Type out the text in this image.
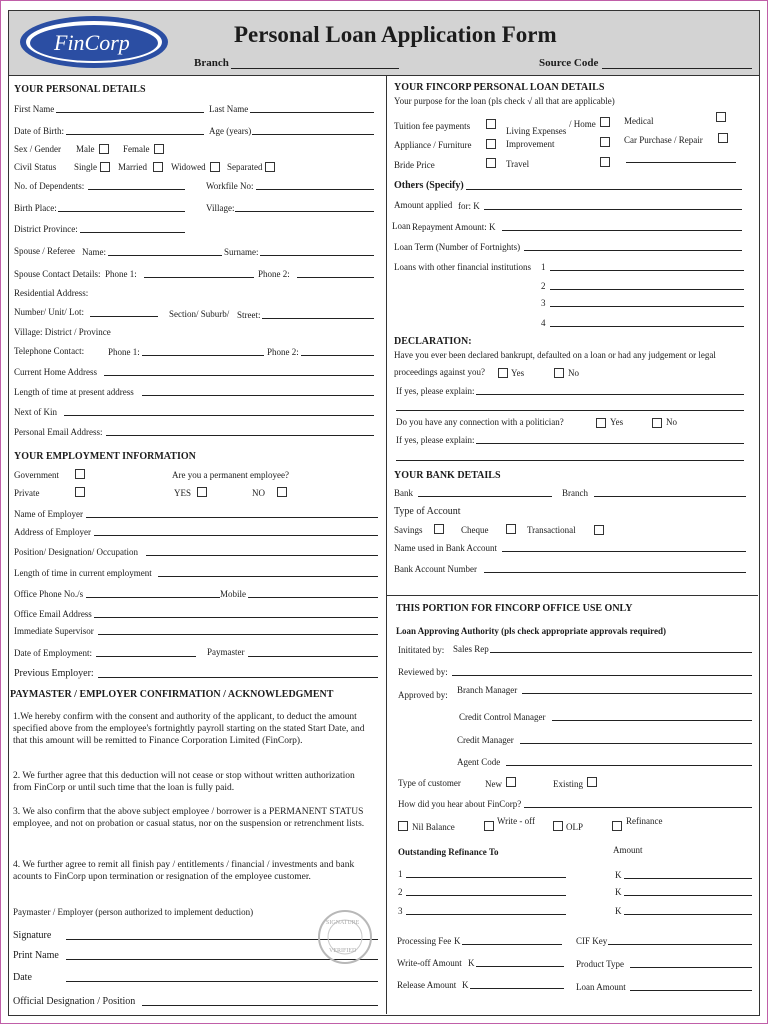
FinCorp	Personal Loan Application Form
Branch	Source Code
YOUR PERSONAL DETAILS
First Name	Last Name
Date of Birth:	Age (years)
Sex / Gender Male	Female
Civil Status Single Married	Widowed Separated
No. of Dependents:	Workfile No:
Birth Place:	Village:
District Province:
Spouse / Referee Name:	Surname:
Spouse Contact Details: Phone 1:	Phone 2:
Residential Address:
Number/ Unit/ Lot:	Section/ Suburb/ Street:
Village: District / Province
Telephone Contact:	Phone 1:	Phone 2:
Current Home Address
Length of time at present address
Next of Kin
Personal Email Address:
YOUR EMPLOYMENT INFORMATION
Government
Private
Are you a permanent employee?
YES	NO
Name of Employer
Address of Employer
Position/ Designation/ Occupation
Length of time in current employment
Office Phone No./s	Mobile
Office Email Address
Immediate Supervisor
Date of Employment:	Paymaster
Previous Employer:
PAYMASTER / EMPLOYER CONFIRMATION / ACKNOWLEDGMENT
1.We hereby confirm with the consent and authority of the applicant, to deduct the amount specified above from the employee's fortnightly payroll starting on the stated Start Date, and that this amount will be remitted to Finance Corporation Limited (FinCorp).
2. We further agree that this deduction will not cease or stop without written authorization from FinCorp or until such time that the loan is fully paid.
3. We also confirm that the above subject employee / borrower is a PERMANENT STATUS employee, and not on probation or casual status, nor on the suspension or retrenchment lists.
4. We further agree to remit all finish pay / entitlements / financial / investments and bank acounts to FinCorp upon termination or resignation of the employee customer.
Paymaster / Employer (person authorized to implement deduction)
Signature
Print Name
Date
Official Designation / Position
SIGNATURE
VERIFIED
YOUR FINCORP PERSONAL LOAN DETAILS
Your purpose for the loan (pls check √ all that are applicable)
Tuition fee payments	Living Expenses
/ Home	Medical
Appliance / Furniture	Improvement	Car Purchase / Repair
Bride Price	Travel
Others (Specify)
Amount applied for: K
Loan Repayment Amount: K
Loan Term (Number of Fortnights)
Loans with other financial institutions 1
2
3
4
DECLARATION:
Have you ever been declared bankrupt, defaulted on a loan or had any judgement or legal
proceedings against you?	Yes	No
If yes, please explain:
Do you have any connection with a politician?	Yes	No
If yes, please explain:
YOUR BANK DETAILS
Bank	Branch
Type of Account
Savings	Cheque	Transactional
Name used in Bank Account
Bank Account Number
THIS PORTION FOR FINCORP OFFICE USE ONLY
Loan Approving Authority (pls check appropriate approvals required)
Inititated by: Sales Rep
Reviewed by:
Approved by: Branch Manager
Credit Control Manager
Credit Manager
Agent Code
Type of customer	New	Existing
How did you hear about FinCorp?
Nil Balance
Write - off
OLP
Refinance
Outstanding Refinance To	Amount
1	K
2	K
3	K
Processing Fee K	CIF Key
Write-off Amount K	Product Type
Release Amount K	Loan Amount
